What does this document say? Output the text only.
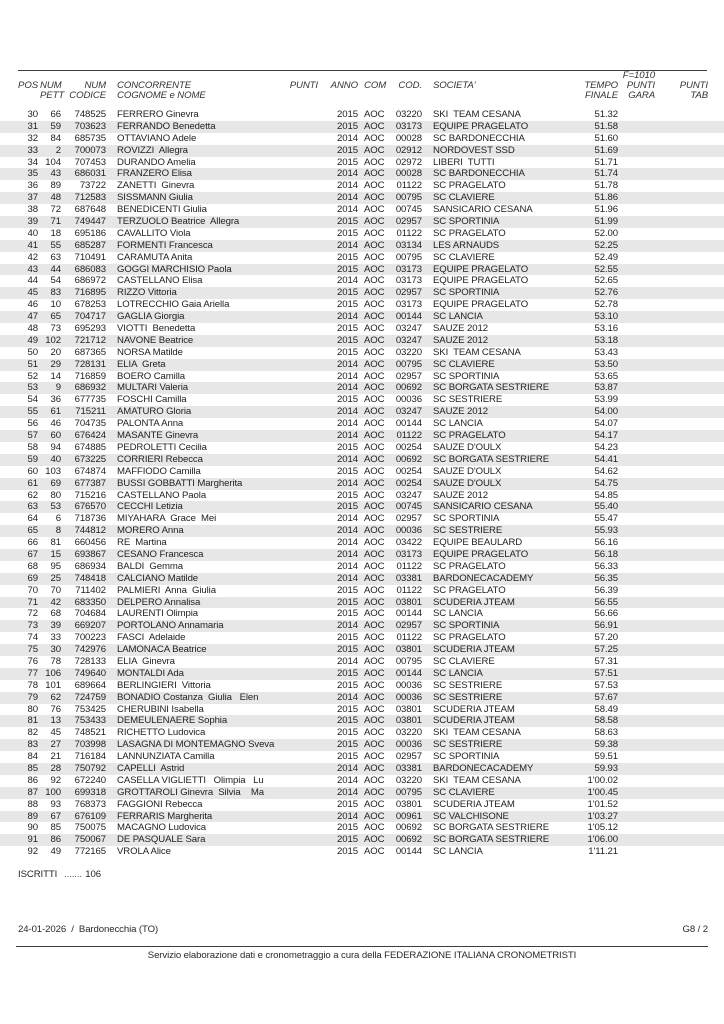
F=1010
POS NUM
PETT
NUM
CODICE
CONCORRENTE
COGNOME e NOME
PUNTI ANNO COM	COD. SOCIETA'	TEMPO
FINALE
PUNTI
GARA
PUNTI
TAB
30	66	748525 FERRERO Ginevra	2015 AOC	03220 SKI  TEAM CESANA	51.32
31	59	703623 FERRANDO Benedetta	2015 AOC	03173 EQUIPE PRAGELATO	51.58
32	84	685735 OTTAVIANO Adele	2014 AOC	00028 SC BARDONECCHIA	51.60
33	2	700073 ROVIZZI  Allegra	2015 AOC	02912 NORDOVEST SSD	51.69
34 104	707453 DURANDO Amelia	2015 AOC	02972 LIBERI  TUTTI	51.71
35	43	686031 FRANZERO Elisa	2014 AOC	00028 SC BARDONECCHIA	51.74
36	89	73722 ZANETTI  Ginevra	2014 AOC	01122 SC PRAGELATO	51.78
37	48	712583 SISSMANN Giulia	2014 AOC	00795 SC CLAVIERE	51.86
38	72	687648 BENEDICENTI Giulia	2014 AOC	00745 SANSICARIO CESANA	51.96
39	71	749447 TERZUOLO Beatrice  Allegra	2015 AOC	02957 SC SPORTINIA	51.99
40	18	695186 CAVALLITO Viola	2015 AOC	01122 SC PRAGELATO	52.00
41	55	685287 FORMENTI Francesca	2014 AOC	03134 LES ARNAUDS	52.25
42	63	710491 CARAMUTA Anita	2015 AOC	00795 SC CLAVIERE	52.49
43	44	686083 GOGGI MARCHISIO Paola	2015 AOC	03173 EQUIPE PRAGELATO	52.55
44	54	686972 CASTELLANO Elisa	2014 AOC	03173 EQUIPE PRAGELATO	52.65
45	83	716895 RIZZO Vittoria	2015 AOC	02957 SC SPORTINIA	52.76
46	10	678253 LOTRECCHIO Gaia Ariella	2015 AOC	03173 EQUIPE PRAGELATO	52.78
47	65	704717 GAGLIA Giorgia	2014 AOC	00144 SC LANCIA	53.10
48	73	695293 VIOTTI  Benedetta	2015 AOC	03247 SAUZE 2012	53.16
49 102	721712 NAVONE Beatrice	2015 AOC	03247 SAUZE 2012	53.18
50	20	687365 NORSA Matilde	2015 AOC	03220 SKI  TEAM CESANA	53.43
51	29	728131 ELIA  Greta	2014 AOC	00795 SC CLAVIERE	53.50
52	14	716859 BOERO Camilla	2014 AOC	02957 SC SPORTINIA	53.65
53	9	686932 MULTARI Valeria	2014 AOC	00692 SC BORGATA SESTRIERE	53.87
54	36	677735 FOSCHI Camilla	2015 AOC	00036 SC SESTRIERE	53.99
55	61	715211 AMATURO Gloria	2014 AOC	03247 SAUZE 2012	54.00
56	46	704735 PALONTA Anna	2014 AOC	00144 SC LANCIA	54.07
57	60	676424 MASANTE Ginevra	2014 AOC	01122 SC PRAGELATO	54.17
58	94	674885 PEDROLETTI Cecilia	2015 AOC	00254 SAUZE D'OULX	54.23
59	40	673225 CORRIERI Rebecca	2014 AOC	00692 SC BORGATA SESTRIERE	54.41
60 103	674874 MAFFIODO Camilla	2015 AOC	00254 SAUZE D'OULX	54.62
61	69	677387 BUSSI GOBBATTI Margherita	2014 AOC	00254 SAUZE D'OULX	54.75
62	80	715216 CASTELLANO Paola	2015 AOC	03247 SAUZE 2012	54.85
63	53	676570 CECCHI Letizia	2015 AOC	00745 SANSICARIO CESANA	55.40
64	6	718736 MIYAHARA  Grace  Mei	2014 AOC	02957 SC SPORTINIA	55.47
65	8	744812 MORERO Anna	2014 AOC	00036 SC SESTRIERE	55.93
66	81	660456 RE  Martina	2014 AOC	03422 EQUIPE BEAULARD	56.16
67	15	693867 CESANO Francesca	2014 AOC	03173 EQUIPE PRAGELATO	56.18
68	95	686934 BALDI  Gemma	2014 AOC	01122 SC PRAGELATO	56.33
69	25	748418 CALCIANO Matilde	2014 AOC	03381 BARDONECACADEMY	56.35
70	70	711402 PALMIERI  Anna  Giulia	2015 AOC	01122 SC PRAGELATO	56.39
71	42	683350 DELPERO Annalisa	2015 AOC	03801 SCUDERIA JTEAM	56.55
72	68	704684 LAURENTI Olimpia	2015 AOC	00144 SC LANCIA	56.66
73	39	669207 PORTOLANO Annamaria	2014 AOC	02957 SC SPORTINIA	56.91
74	33	700223 FASCI  Adelaide	2015 AOC	01122 SC PRAGELATO	57.20
75	30	742976 LAMONACA Beatrice	2015 AOC	03801 SCUDERIA JTEAM	57.25
76	78	728133 ELIA  Ginevra	2014 AOC	00795 SC CLAVIERE	57.31
77 106	749640 MONTALDI Ada	2015 AOC	00144 SC LANCIA	57.51
78 101	689664 BERLINGIERI  Vittoria	2015 AOC	00036 SC SESTRIERE	57.53
79	62	724759 BONADIO Costanza  Giulia   Elen	2014 AOC	00036 SC SESTRIERE	57.67
80	76	753425 CHERUBINI Isabella	2015 AOC	03801 SCUDERIA JTEAM	58.49
81	13	753433 DEMEULENAERE Sophia	2015 AOC	03801 SCUDERIA JTEAM	58.58
82	45	748521 RICHETTO Ludovica	2015 AOC	03220 SKI  TEAM CESANA	58.63
83	27	703998 LASAGNA DI MONTEMAGNO Sveva	2015 AOC	00036 SC SESTRIERE	59.38
84	21	716184 LANNUNZIATA Camilla	2015 AOC	02957 SC SPORTINIA	59.51
85	28	750792 CAPELLI  Astrid	2014 AOC	03381 BARDONECACADEMY	59.93
86	92	672240 CASELLA VIGLIETTI   Olimpia   Lu	2014 AOC	03220 SKI  TEAM CESANA	1'00.02
87 100	699318 GROTTAROLI Ginevra  Silvia    Ma	2014 AOC	00795 SC CLAVIERE	1'00.45
88	93	768373 FAGGIONI Rebecca	2015 AOC	03801 SCUDERIA JTEAM	1'01.52
89	67	676109 FERRARIS Margherita	2014 AOC	00961 SC VALCHISONE	1'03.27
90	85	750075 MACAGNO Ludovica	2015 AOC	00692 SC BORGATA SESTRIERE	1'05.12
91	86	750067 DE PASQUALE Sara	2015 AOC	00692 SC BORGATA SESTRIERE	1'06.00
92	49	772165 VROLA Alice	2015 AOC	00144 SC LANCIA	1'11.21
ISCRITTI ....... 106
24-01-2026  /  Bardonecchia (TO)	G8 / 2
Servizio elaborazione dati e cronometraggio a cura della FEDERAZIONE ITALIANA CRONOMETRISTI
